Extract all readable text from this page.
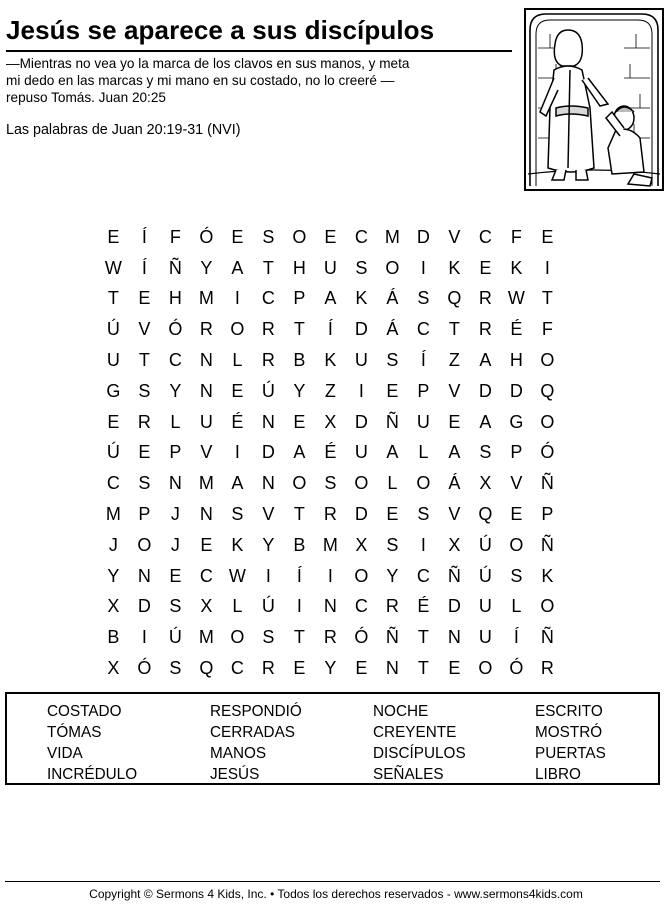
Jesús se aparece a sus discípulos
—Mientras no vea yo la marca de los clavos en sus manos, y meta
mi dedo en las marcas y mi mano en su costado, no lo creeré —
repuso Tomás. Juan 20:25
Las palabras de Juan 20:19-31 (NVI)
E	Í	F	Ó E	S O E	C M D	V	C	F	E
W	Í	Ñ	Y	A	T	H U	S O	I	K	E	K	I
T	E	H M	I	C	P	A	K	Á	S Q R W T
Ú	V Ó R O R	T	Í	D	Á	C	T	R	É	F
U	T	C N	L	R	B	K	U	S	Í	Z	A	H O
G S	Y	N	E	Ú	Y	Z	I	E	P	V	D D Q
E	R	L	U	É	N	E	X	D Ñ U	E	A G O
Ú	E	P	V	I	D	A	É	U	A	L	A	S	P Ó
C	S	N M A	N O S O	L	O Á	X	V	Ñ
M P	J	N	S	V	T	R D	E	S	V Q E	P
J	O	J	E	K	Y	B M X	S	I	X	Ú O Ñ
Y	N	E	C W	I	Í	I	O Y	C Ñ Ú	S	K
X	D	S	X	L	Ú	I	N C R	É	D U	L	O
B	I	Ú M O S	T	R Ó Ñ	T	N U	Í	Ñ
X Ó S Q C R	E	Y	E	N	T	E O Ó R
COSTADO
TÓMAS
VIDA
INCRÉDULO
RESPONDIÓ
CERRADAS
MANOS
JESÚS
NOCHE
CREYENTE
DISCÍPULOS
SEÑALES
ESCRITO
MOSTRÓ
PUERTAS
LIBRO
Copyright © Sermons 4 Kids, Inc. • Todos los derechos reservados - www.sermons4kids.com
